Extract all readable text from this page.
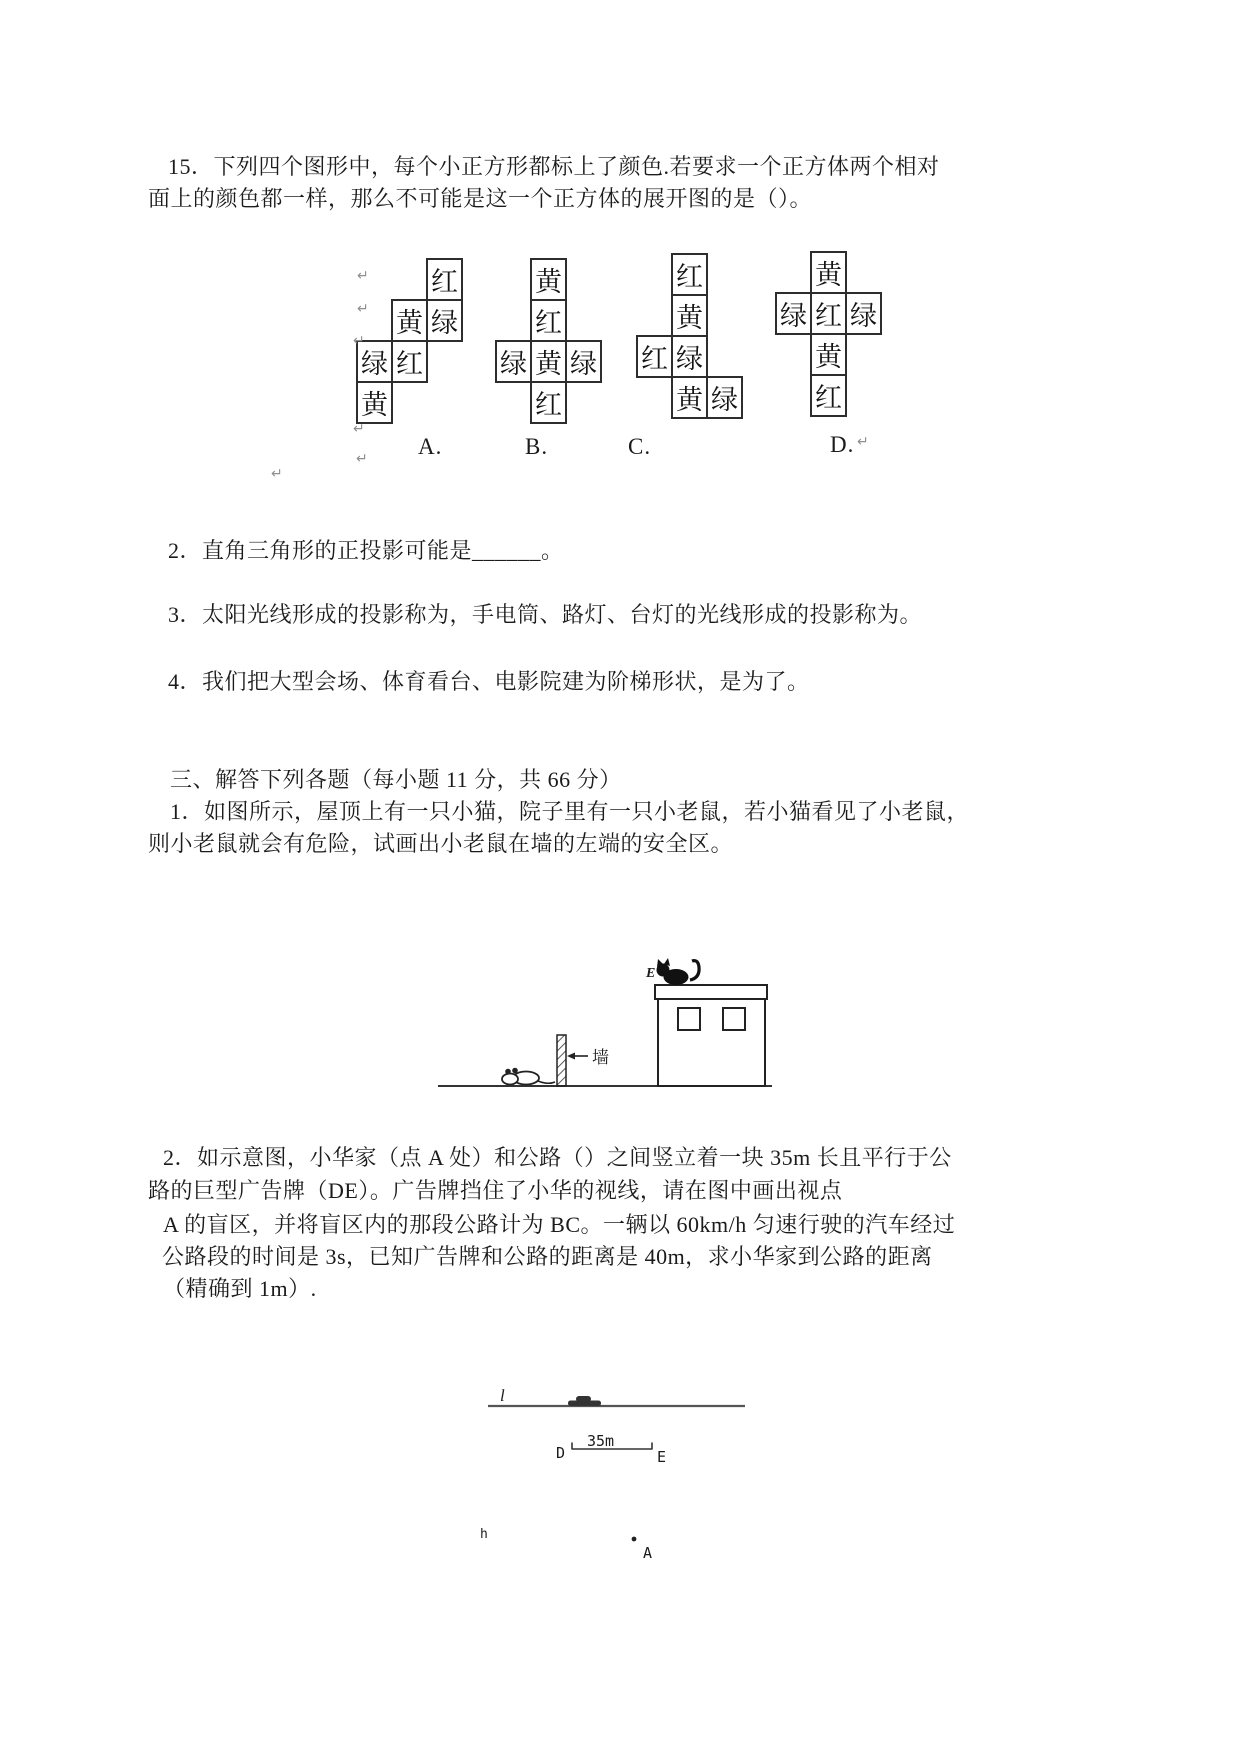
15．下列四个图形中，每个小正方形都标上了颜色.若要求一个正方体两个相对
面上的颜色都一样，那么不可能是这一个正方体的展开图的是（）。
红
黄 绿
绿 红
黄
A.
黄
红
绿 黄 绿
红
B.
红
黄
红 绿
黄 绿
C.
黄
绿 红 绿
黄
红
D.
↵
↵
↵
↵
↵
↵
↵
2．直角三角形的正投影可能是______。
3．太阳光线形成的投影称为，手电筒、路灯、台灯的光线形成的投影称为。
4．我们把大型会场、体育看台、电影院建为阶梯形状，是为了。
三、解答下列各题（每小题 11 分，共 66 分）
1．如图所示，屋顶上有一只小猫，院子里有一只小老鼠，若小猫看见了小老鼠，
则小老鼠就会有危险，试画出小老鼠在墙的左端的安全区。
墙
E
2．如示意图，小华家（点 A 处）和公路（）之间竖立着一块 35m 长且平行于公
路的巨型广告牌（DE）。广告牌挡住了小华的视线，请在图中画出视点
A 的盲区，并将盲区内的那段公路计为 BC。一辆以 60km/h 匀速行驶的汽车经过
公路段的时间是 3s，已知广告牌和公路的距离是 40m，求小华家到公路的距离
（精确到 1m）.
l
35m
D	E
h
A
